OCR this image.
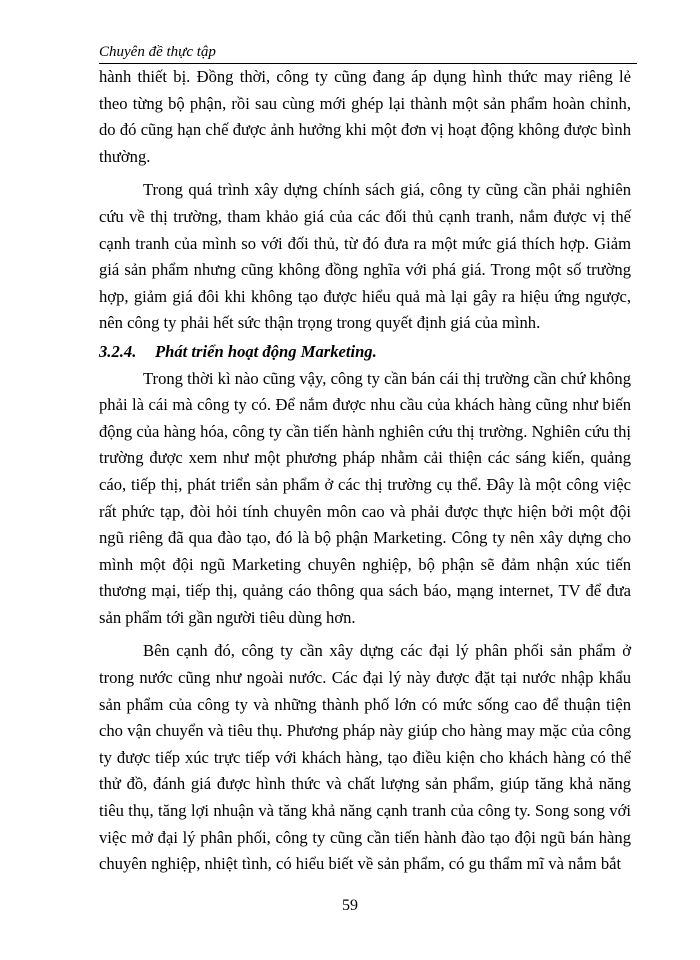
Chuyên đề thực tập

hành thiết bị. Đồng thời, công ty cũng đang áp dụng hình thức may riêng lẻ theo từng bộ phận, rồi sau cùng mới ghép lại thành một sản phẩm hoàn chỉnh, do đó cũng hạn chế được ảnh hưởng khi một đơn vị hoạt động không được bình thường.

Trong quá trình xây dựng chính sách giá, công ty cũng cần phải nghiên cứu về thị trường, tham khảo giá của các đối thủ cạnh tranh, nắm được vị thế cạnh tranh của mình so với đối thủ, từ đó đưa ra một mức giá thích hợp. Giảm giá sản phẩm nhưng cũng không đồng nghĩa với phá giá. Trong một số trường hợp, giảm giá đôi khi không tạo được hiểu quả mà lại gây ra hiệu ứng ngược, nên công ty phải hết sức thận trọng trong quyết định giá của mình.

3.2.4. Phát triển hoạt động Marketing.

Trong thời kì nào cũng vậy, công ty cần bán cái thị trường cần chứ không phải là cái mà công ty có. Để nắm được nhu cầu của khách hàng cũng như biến động của hàng hóa, công ty cần tiến hành nghiên cứu thị trường. Nghiên cứu thị trường được xem như một phương pháp nhằm cải thiện các sáng kiến, quảng cáo, tiếp thị, phát triển sản phẩm ở các thị trường cụ thể. Đây là một công việc rất phức tạp, đòi hỏi tính chuyên môn cao và phải được thực hiện bởi một đội ngũ riêng đã qua đào tạo, đó là bộ phận Marketing. Công ty nên xây dựng cho mình một đội ngũ Marketing chuyên nghiệp, bộ phận sẽ đảm nhận xúc tiến thương mại, tiếp thị, quảng cáo thông qua sách báo, mạng internet, TV để đưa sản phẩm tới gần người tiêu dùng hơn.

Bên cạnh đó, công ty cần xây dựng các đại lý phân phối sản phẩm ở trong nước cũng như ngoài nước. Các đại lý này được đặt tại nước nhập khẩu sản phẩm của công ty và những thành phố lớn có mức sống cao để thuận tiện cho vận chuyển và tiêu thụ. Phương pháp này giúp cho hàng may mặc của công ty được tiếp xúc trực tiếp với khách hàng, tạo điều kiện cho khách hàng có thể thử đồ, đánh giá được hình thức và chất lượng sản phẩm, giúp tăng khả năng tiêu thụ, tăng lợi nhuận và tăng khả năng cạnh tranh của công ty. Song song với việc mở đại lý phân phối, công ty cũng cần tiến hành đào tạo đội ngũ bán hàng chuyên nghiệp, nhiệt tình, có hiểu biết về sản phẩm, có gu thẩm mĩ và nắm bắt

59
